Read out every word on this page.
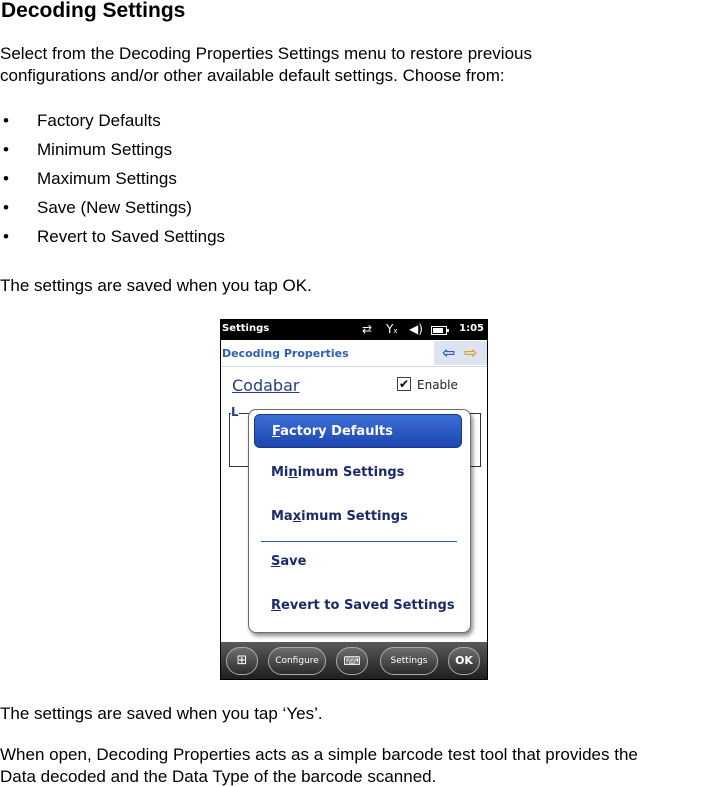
Decoding Settings

Select from the Decoding Properties Settings menu to restore previous

configurations and/or other available default settings. Choose from:

• Factory Defaults
• Minimum Settings
• Maximum Settings
• Save (New Settings)
• Revert to Saved Settings

The settings are saved when you tap OK.

Settings	⇄ Yx ◀)	1:05
Decoding Properties	⇦ ⇨
Codabar	✔ Enable
L
Factory Defaults
Minimum Settings
Maximum Settings
Save
Revert to Saved Settings
⊞	Configure	⌨	Settings	OK

The settings are saved when you tap ‘Yes’.

When open, Decoding Properties acts as a simple barcode test tool that provides the

Data decoded and the Data Type of the barcode scanned.
